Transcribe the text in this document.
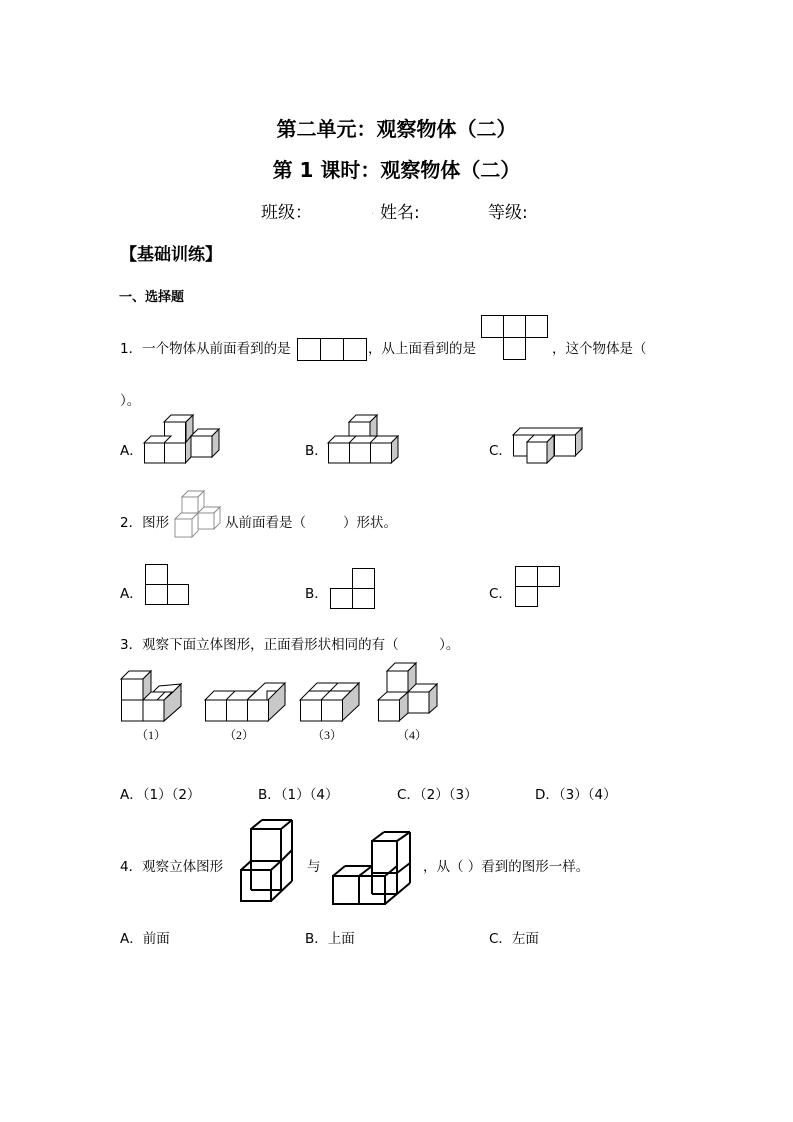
第二单元：观察物体（二）
第 1 课时：观察物体（二）
班级：	. 姓名:	等级:
【基础训练】
一、选择题
1．一个物体从前面看到的是	，从上面看到的是	，这个物体是（
）。
A．	B．	C．
2．图形	从前面看是（	）形状。
A．	B．	C．
3．观察下面立体图形，正面看形状相同的有（　　　）。
（1）	（2）	（3）	（4）
A．（1）（2）	B．（1）（4）	C．（2）（3）	D．（3）（4）
4．观察立体图形	与	，从（ ）看到的图形一样。
A．前面	B．上面	C．左面
